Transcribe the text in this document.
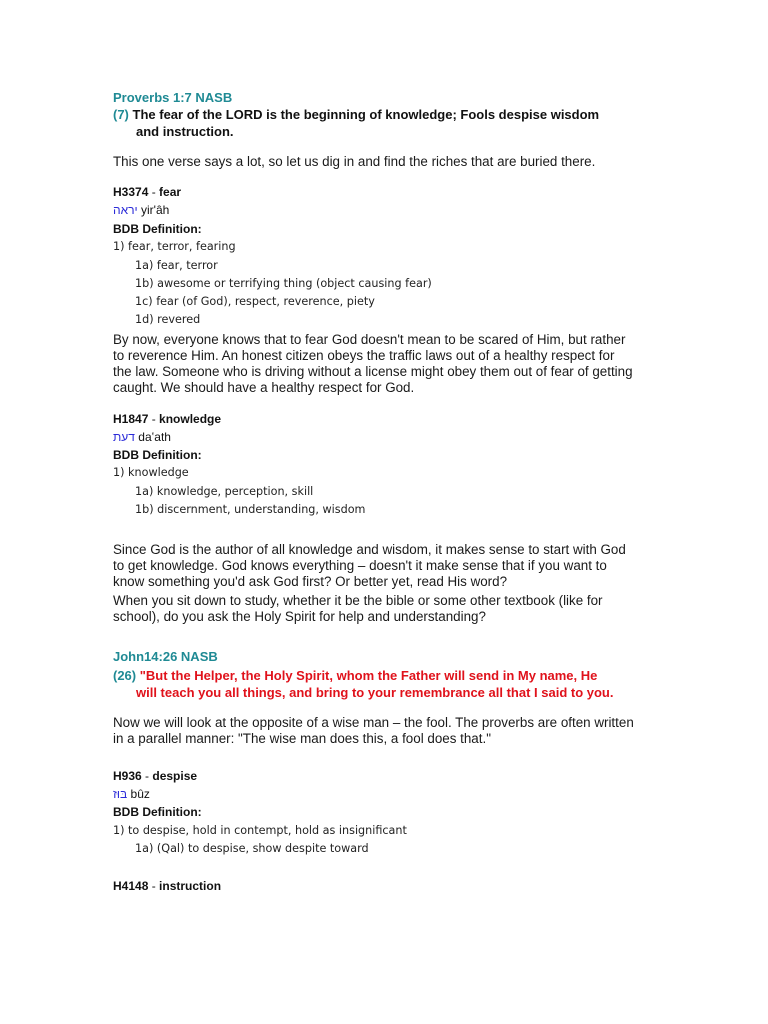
Proverbs 1:7 NASB
(7) The fear of the LORD is the beginning of knowledge; Fools despise wisdom
and instruction.
This one verse says a lot, so let us dig in and find the riches that are buried there.
H3374 - fear
יראה yir'âh
BDB Definition:
1) fear, terror, fearing
1a) fear, terror
1b) awesome or terrifying thing (object causing fear)
1c) fear (of God), respect, reverence, piety
1d) revered
By now, everyone knows that to fear God doesn't mean to be scared of Him, but rather
to reverence Him. An honest citizen obeys the traffic laws out of a healthy respect for
the law. Someone who is driving without a license might obey them out of fear of getting
caught. We should have a healthy respect for God.
H1847 - knowledge
דעת da‛ath
BDB Definition:
1) knowledge
1a) knowledge, perception, skill
1b) discernment, understanding, wisdom
Since God is the author of all knowledge and wisdom, it makes sense to start with God
to get knowledge. God knows everything – doesn't it make sense that if you want to
know something you'd ask God first? Or better yet, read His word?
When you sit down to study, whether it be the bible or some other textbook (like for
school), do you ask the Holy Spirit for help and understanding?
John14:26 NASB
(26) "But the Helper, the Holy Spirit, whom the Father will send in My name, He
will teach you all things, and bring to your remembrance all that I said to you.
Now we will look at the opposite of a wise man – the fool. The proverbs are often written
in a parallel manner: "The wise man does this, a fool does that."
H936 - despise
בּוּז bûz
BDB Definition:
1) to despise, hold in contempt, hold as insignificant
1a) (Qal) to despise, show despite toward
H4148 - instruction
